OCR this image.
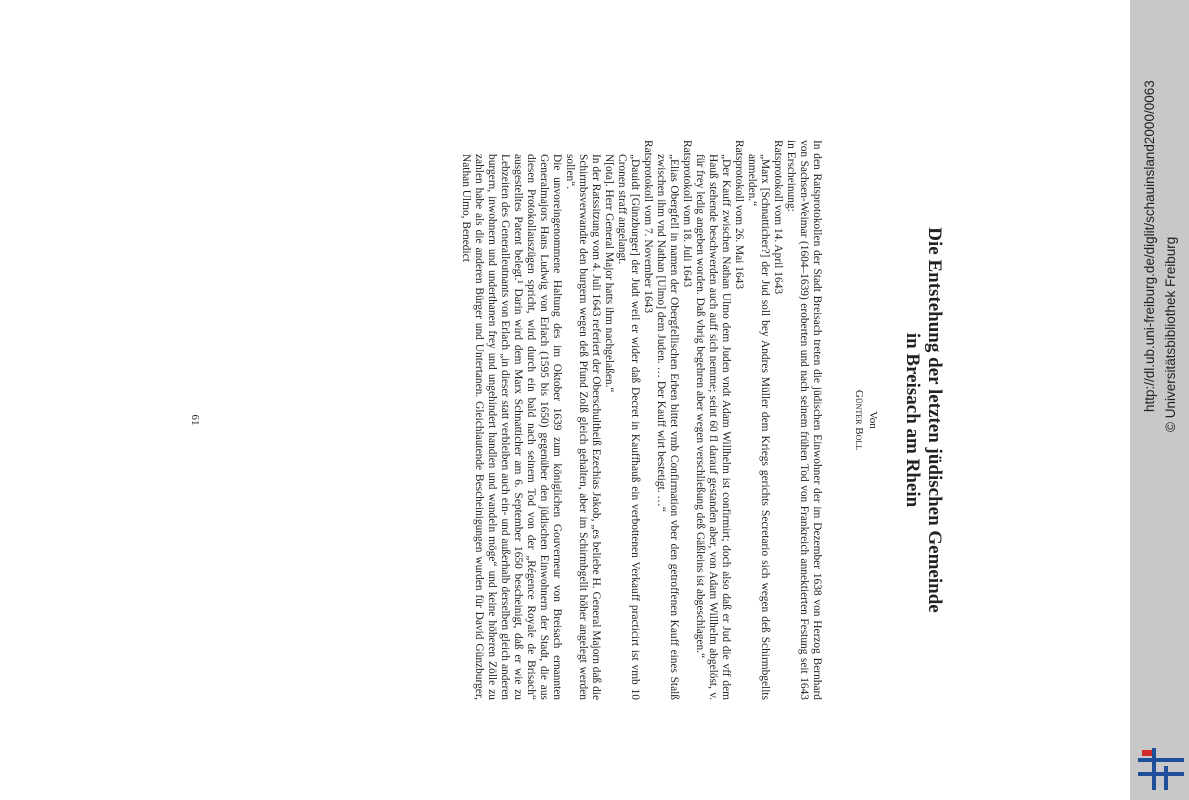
Die Entstehung der letzten jüdischen Gemeinde
in Breisach am Rhein
Von
Günter Boll

In den Ratsprotokollen der Stadt Breisach treten die jüdischen Einwohner der im Dezember 1638 von Herzog Bernhard von Sachsen-Weimar (1604–1639) eroberten und nach seinem frühen Tod von Frankreich annektierten Festung seit 1643 in Erscheinung:

Ratsprotokoll vom 14. April 1643

„Marx [Schnatticher?] der Jud soll bey Andres Müller dem Kriegs gerichts Secretario sich wegen deß Schirmbgellts anmelden.“

Ratsprotokoll vom 26. Mai 1643

„Der Kauff zwischen Nathan Ulmo dem Juden vndt Adam Willhelm ist confirmirt; doch also daß er Jud die vff dem Hauß stehende beschwerden auch auff sich nemme; seint 60 fl darauf gestanden aber, von Adam Willhelm abgelöst, v. für frey ledig angeben worden. Daß vbrig begehren aber wegen verschließung deß Gäßleins ist abgeschlagen.“

Ratsprotokoll vom 18. Juli 1643

„Elias Obergfell in namen der Obergfellischen Erben bittet vmb Confirmation vber den getroffenen Kauff eines Stalß zwischen ihm vnd Nathan [Ulmo] dem Juden. … Der Kauff wirt bestetigt. …“

Ratsprotokoll vom 7. November 1643

„Dauidt [Günzburger] der Judt weil er wider daß Decret in Kauffhauß ein verbottenen Verkauff practicirt ist vmb 10 Cronen straff angelangt.

N[ota]. Herr General Major hatts ihm nachgelaßen.“

In der Ratssitzung vom 4. Juli 1643 referiert der Oberschultheiß Ezechias Jakob, „es beliebe H. General Majorn daß die Schirmbsverwandte den burgern wegen deß Pfund Zolß gleich gehalten, aber im Schirmbgellt höher angelegt werden sollen“.

Die unvoreingenommene Haltung des im Oktober 1639 zum königlichen Gouverneur von Breisach ernannten Generalmajors Hans Ludwig von Erlach (1595 bis 1650) gegenüber den jüdischen Einwohnern der Stadt, die aus diesen Protokollauszügen spricht, wird durch ein bald nach seinem Tod von der „Régence Royale de Brisach“ ausgestelltes Patent belegt.¹ Darin wird dem Marx Schnatticher am 6. September 1650 bescheinigt, daß er wie zu Lebzeiten des Generalleutnants von Erlach „in dieser statt verbleiben auch ein- und außerhalb derselben gleich anderen burgern, inwohnern und underthanen frey und ungehindert handlen und wandeln möge“ und keine höheren Zölle zu zahlen habe als die anderen Bürger und Untertanen. Gleichlautende Bescheinigungen wurden für David Günzburger, Nathan Ulmo, Benedict

61
http://dl.ub.uni-freiburg.de/diglit/schauinsland2000/0063 © Universitätsbibliothek Freiburg
